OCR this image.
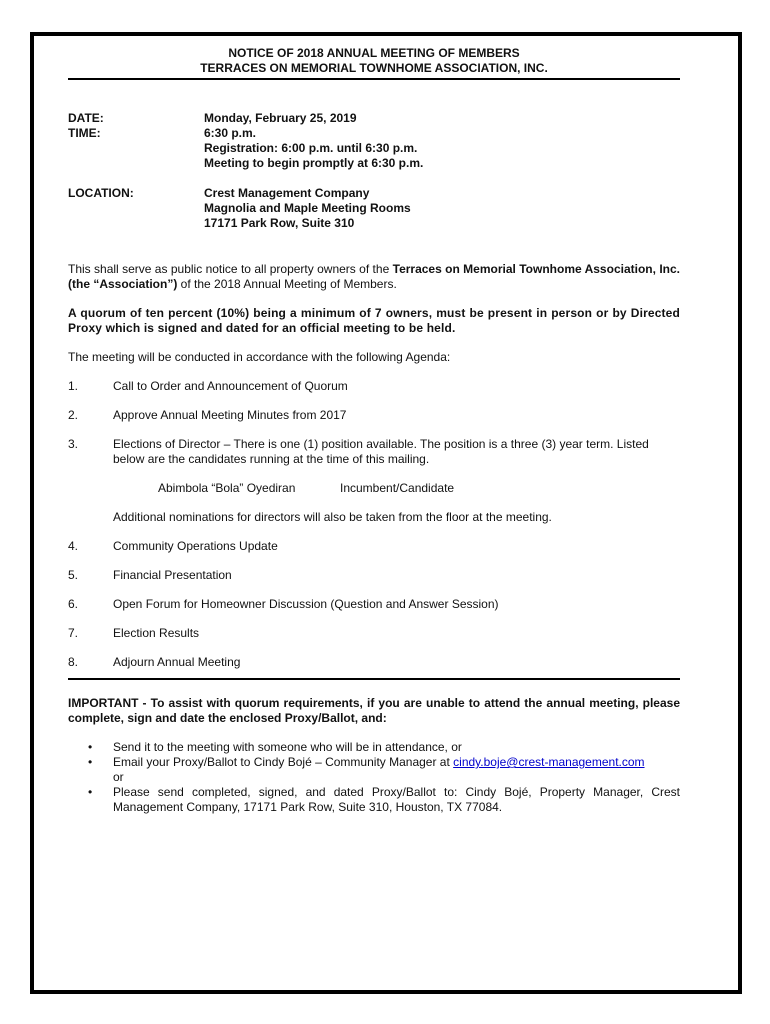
NOTICE OF 2018 ANNUAL MEETING OF MEMBERS
TERRACES ON MEMORIAL TOWNHOME ASSOCIATION, INC.
DATE:	Monday, February 25, 2019
TIME:	6:30 p.m.
Registration: 6:00 p.m. until 6:30 p.m.
Meeting to begin promptly at 6:30 p.m.
LOCATION:	Crest Management Company
Magnolia and Maple Meeting Rooms
17171 Park Row, Suite 310
This shall serve as public notice to all property owners of the Terraces on Memorial Townhome Association, Inc. (the “Association”) of the 2018 Annual Meeting of Members.
A quorum of ten percent (10%) being a minimum of 7 owners, must be present in person or by Directed Proxy which is signed and dated for an official meeting to be held.
The meeting will be conducted in accordance with the following Agenda:
1.	Call to Order and Announcement of Quorum
2.	Approve Annual Meeting Minutes from 2017
3.	Elections of Director – There is one (1) position available. The position is a three (3) year term. Listed below are the candidates running at the time of this mailing.
Abimbola “Bola” Oyediran	Incumbent/Candidate
Additional nominations for directors will also be taken from the floor at the meeting.
4.	Community Operations Update
5.	Financial Presentation
6.	Open Forum for Homeowner Discussion (Question and Answer Session)
7.	Election Results
8.	Adjourn Annual Meeting
IMPORTANT - To assist with quorum requirements, if you are unable to attend the annual meeting, please complete, sign and date the enclosed Proxy/Ballot, and:
•	Send it to the meeting with someone who will be in attendance, or
•	Email your Proxy/Ballot to Cindy Bojé – Community Manager at cindy.boje@crest-management.com
or
•	Please send completed, signed, and dated Proxy/Ballot to: Cindy Bojé, Property Manager, Crest Management Company, 17171 Park Row, Suite 310, Houston, TX 77084.
